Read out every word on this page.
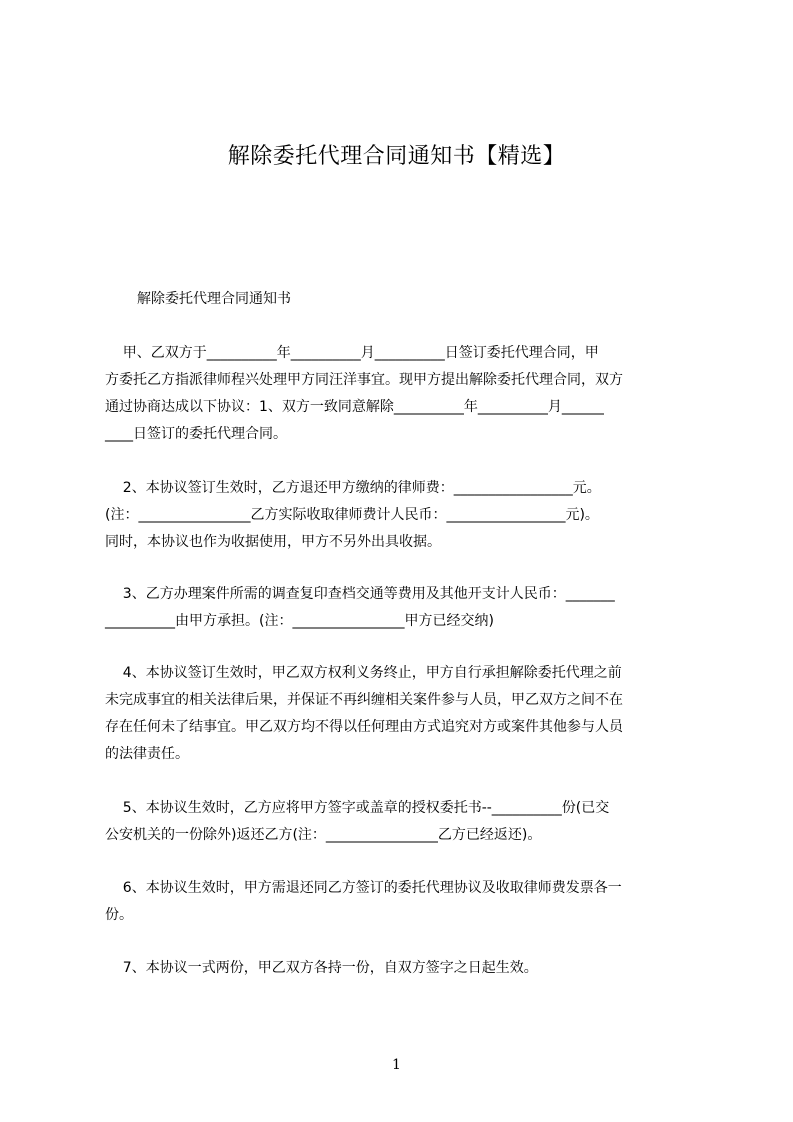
解除委托代理合同通知书【精选】
解除委托代理合同通知书
甲、乙双方于__________年__________月__________日签订委托代理合同，甲
方委托乙方指派律师程兴处理甲方同汪洋事宜。现甲方提出解除委托代理合同，双方
通过协商达成以下协议：1、双方一致同意解除__________年__________月______
____日签订的委托代理合同。
2、本协议签订生效时，乙方退还甲方缴纳的律师费：_________________元。
(注：________________乙方实际收取律师费计人民币：_________________元)。
同时，本协议也作为收据使用，甲方不另外出具收据。
3、乙方办理案件所需的调查复印查档交通等费用及其他开支计人民币：_______
__________由甲方承担。(注：________________甲方已经交纳)
4、本协议签订生效时，甲乙双方权利义务终止，甲方自行承担解除委托代理之前
未完成事宜的相关法律后果，并保证不再纠缠相关案件参与人员，甲乙双方之间不在
存在任何未了结事宜。甲乙双方均不得以任何理由方式追究对方或案件其他参与人员
的法律责任。
5、本协议生效时，乙方应将甲方签字或盖章的授权委托书--__________份(已交
公安机关的一份除外)返还乙方(注：________________乙方已经返还)。
6、本协议生效时，甲方需退还同乙方签订的委托代理协议及收取律师费发票各一
份。
7、本协议一式两份，甲乙双方各持一份，自双方签字之日起生效。
1
